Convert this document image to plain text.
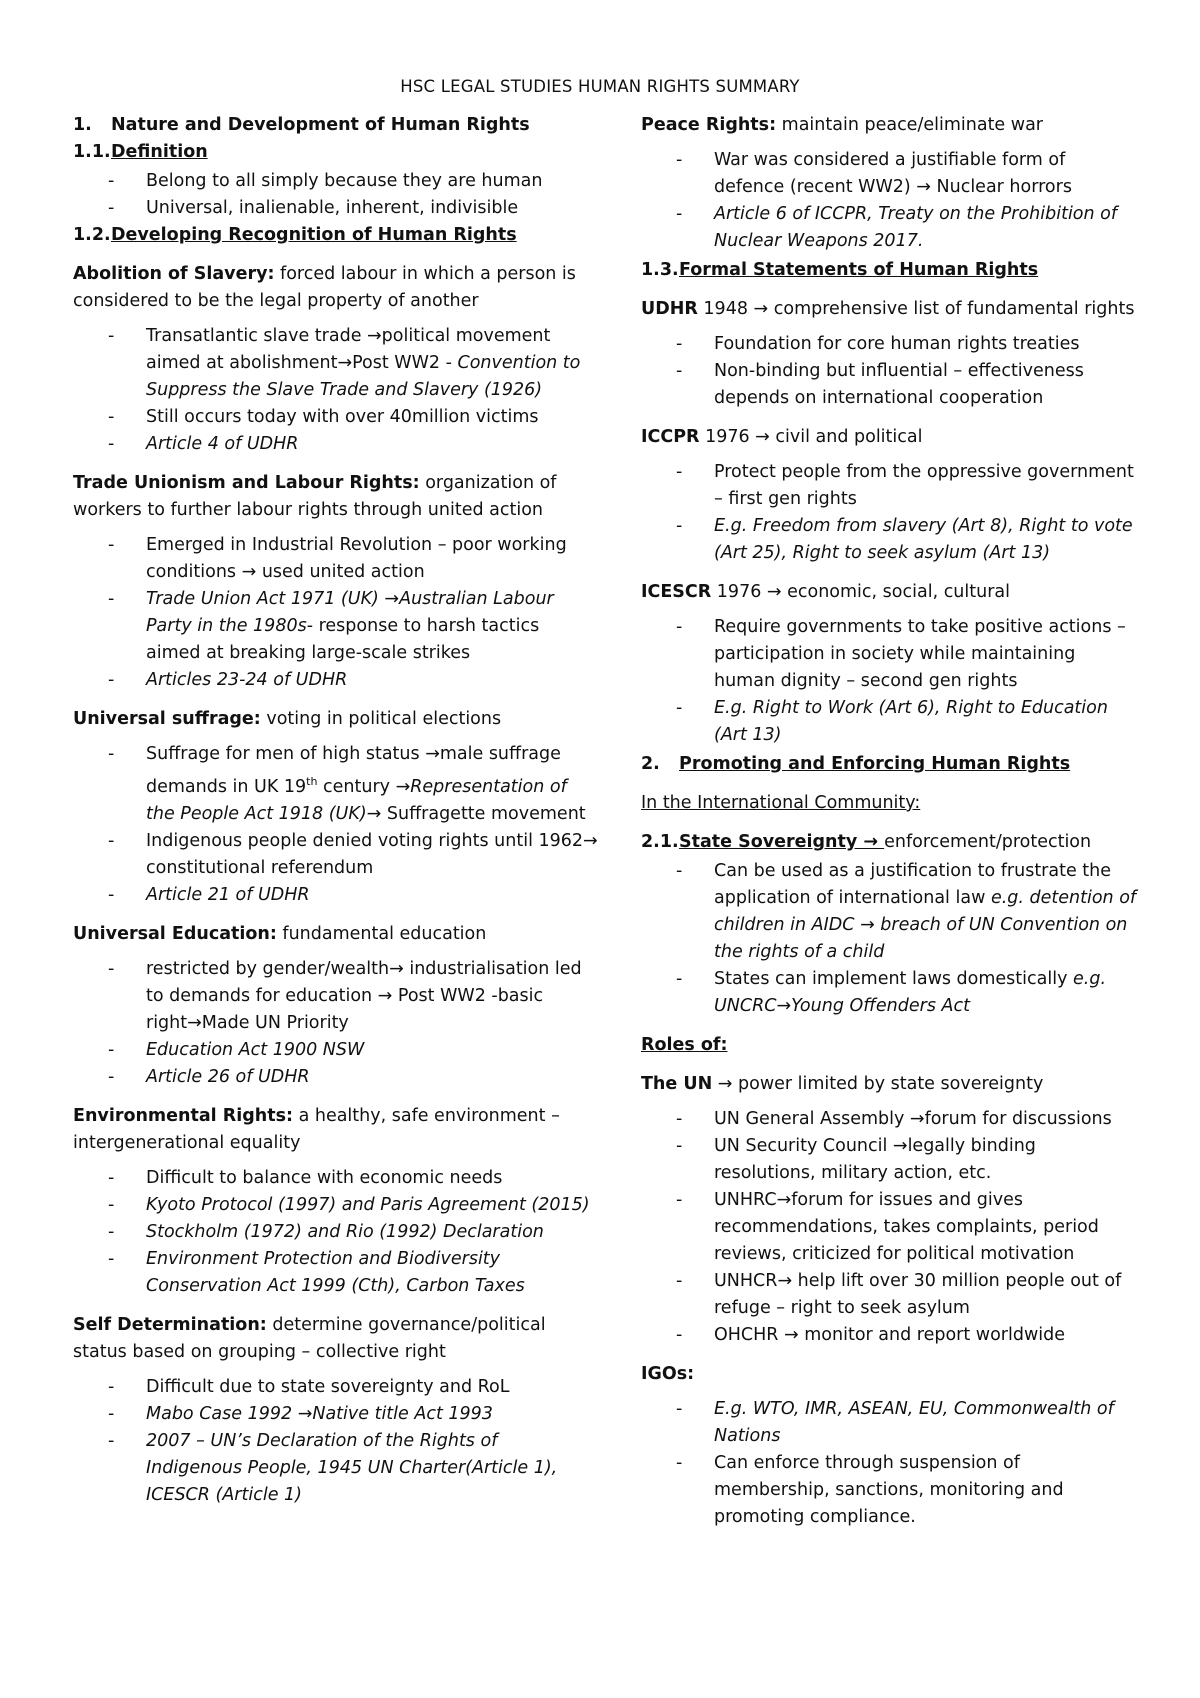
HSC LEGAL STUDIES HUMAN RIGHTS SUMMARY
1. Nature and Development of Human Rights
1.1.Definition
- Belong to all simply because they are human
- Universal, inalienable, inherent, indivisible
1.2.Developing Recognition of Human Rights

Abolition of Slavery: forced labour in which a person is considered to be the legal property of another

- Transatlantic slave trade →political movement aimed at abolishment→Post WW2 - Convention to Suppress the Slave Trade and Slavery (1926)
- Still occurs today with over 40million victims
- Article 4 of UDHR

Trade Unionism and Labour Rights: organization of workers to further labour rights through united action

- Emerged in Industrial Revolution – poor working conditions → used united action
- Trade Union Act 1971 (UK) →Australian Labour Party in the 1980s- response to harsh tactics aimed at breaking large-scale strikes
- Articles 23-24 of UDHR

Universal suffrage: voting in political elections

- Suffrage for men of high status →male suffrage demands in UK 19th century →Representation of the People Act 1918 (UK)→ Suffragette movement
- Indigenous people denied voting rights until 1962→ constitutional referendum
- Article 21 of UDHR

Universal Education: fundamental education

- restricted by gender/wealth→ industrialisation led to demands for education → Post WW2 -basic right→Made UN Priority
- Education Act 1900 NSW
- Article 26 of UDHR

Environmental Rights: a healthy, safe environment – intergenerational equality

- Difficult to balance with economic needs
- Kyoto Protocol (1997) and Paris Agreement (2015)
- Stockholm (1972) and Rio (1992) Declaration
- Environment Protection and Biodiversity Conservation Act 1999 (Cth), Carbon Taxes

Self Determination: determine governance/political status based on grouping – collective right

- Difficult due to state sovereignty and RoL
- Mabo Case 1992 →Native title Act 1993
- 2007 – UN’s Declaration of the Rights of Indigenous People, 1945 UN Charter(Article 1), ICESCR (Article 1)

Peace Rights: maintain peace/eliminate war

- War was considered a justifiable form of defence (recent WW2) → Nuclear horrors
- Article 6 of ICCPR, Treaty on the Prohibition of Nuclear Weapons 2017.
1.3.Formal Statements of Human Rights

UDHR 1948 → comprehensive list of fundamental rights

- Foundation for core human rights treaties
- Non-binding but influential – effectiveness depends on international cooperation

ICCPR 1976 → civil and political

- Protect people from the oppressive government – first gen rights
- E.g. Freedom from slavery (Art 8), Right to vote (Art 25), Right to seek asylum (Art 13)

ICESCR 1976 → economic, social, cultural

- Require governments to take positive actions – participation in society while maintaining human dignity – second gen rights
- E.g. Right to Work (Art 6), Right to Education (Art 13)
2. Promoting and Enforcing Human Rights

In the International Community:

2.1.State Sovereignty → enforcement/protection

- Can be used as a justification to frustrate the application of international law e.g. detention of children in AIDC → breach of UN Convention on the rights of a child
- States can implement laws domestically e.g. UNCRC→Young Offenders Act

Roles of:

The UN → power limited by state sovereignty

- UN General Assembly →forum for discussions
- UN Security Council →legally binding resolutions, military action, etc.
- UNHRC→forum for issues and gives recommendations, takes complaints, period reviews, criticized for political motivation
- UNHCR→ help lift over 30 million people out of refuge – right to seek asylum
- OHCHR → monitor and report worldwide

IGOs:

- E.g. WTO, IMR, ASEAN, EU, Commonwealth of Nations
- Can enforce through suspension of membership, sanctions, monitoring and promoting compliance.
